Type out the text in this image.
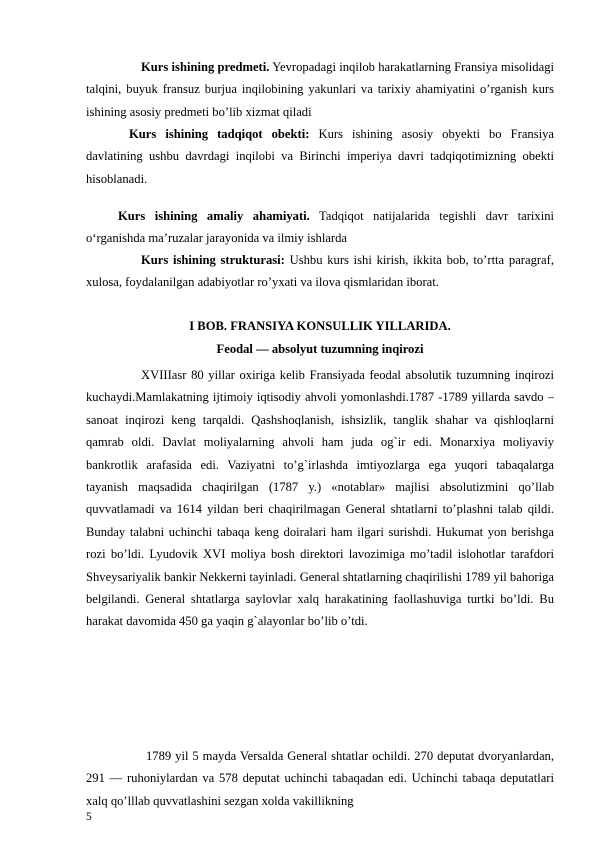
Kurs ishining predmeti. Yevropadagi inqilob harakatlarning Fransiya misolidagi talqini, buyuk fransuz burjua inqilobining yakunlari va tarixiy ahamiyatini o’rganish kurs ishining asosiy predmeti bo’lib xizmat qiladi

Kurs ishining tadqiqot obekti: Kurs ishining asosiy obyekti bo Fransiya davlatining ushbu davrdagi inqilobi va Birinchi imperiya davri tadqiqotimizning obekti hisoblanadi.

Kurs ishining amaliy ahamiyati. Tadqiqot natijalarida tegishli davr tarixini o‘rganishda ma’ruzalar jarayonida va ilmiy ishlarda

Kurs ishining strukturasi: Ushbu kurs ishi kirish, ikkita bob, to’rtta paragraf, xulosa, foydalanilgan adabiyotlar ro’yxati va ilova qismlaridan iborat.

I BOB. FRANSIYA KONSULLIK YILLARIDA.

Feodal — absolyut tuzumning inqirozi

XVIIIasr 80 yillar oxiriga kelib Fransiyada feodal absolutik tuzumning inqirozi kuchaydi.Mamlakatning ijtimoiy iqtisodiy ahvoli yomonlashdi.1787 -1789 yillarda savdo – sanoat inqirozi keng tarqaldi. Qashshoqlanish, ishsizlik, tanglik shahar va qishloqlarni qamrab oldi. Davlat moliyalarning ahvoli ham juda og`ir edi. Monarxiya moliyaviy bankrotlik arafasida edi. Vaziyatni to’g`irlashda imtiyozlarga ega yuqori tabaqalarga tayanish maqsadida chaqirilgan (1787 y.) «notablar» majlisi absolutizmini qo’llab quvvatlamadi va 1614 yildan beri chaqirilmagan General shtatlarni to’plashni talab qildi. Bunday talabni uchinchi tabaqa keng doiralari ham ilgari surishdi. Hukumat yon berishga rozi bo’ldi. Lyudovik XVI moliya bosh direktori lavozimiga mo’tadil islohotlar tarafdori Shveysariyalik bankir Nekkerni tayinladi. General shtatlarning chaqirilishi 1789 yil bahoriga belgilandi. General shtatlarga saylovlar xalq harakatining faollashuviga turtki bo’ldi. Bu harakat davomida 450 ga yaqin g`alayonlar bo’lib o’tdi.

1789 yil 5 mayda Versalda General shtatlar ochildi. 270 deputat dvoryanlardan, 291 — ruhoniylardan va 578 deputat uchinchi tabaqadan edi. Uchinchi tabaqa deputatlari xalq qo’lllab quvvatlashini sezgan xolda vakillikning

5
